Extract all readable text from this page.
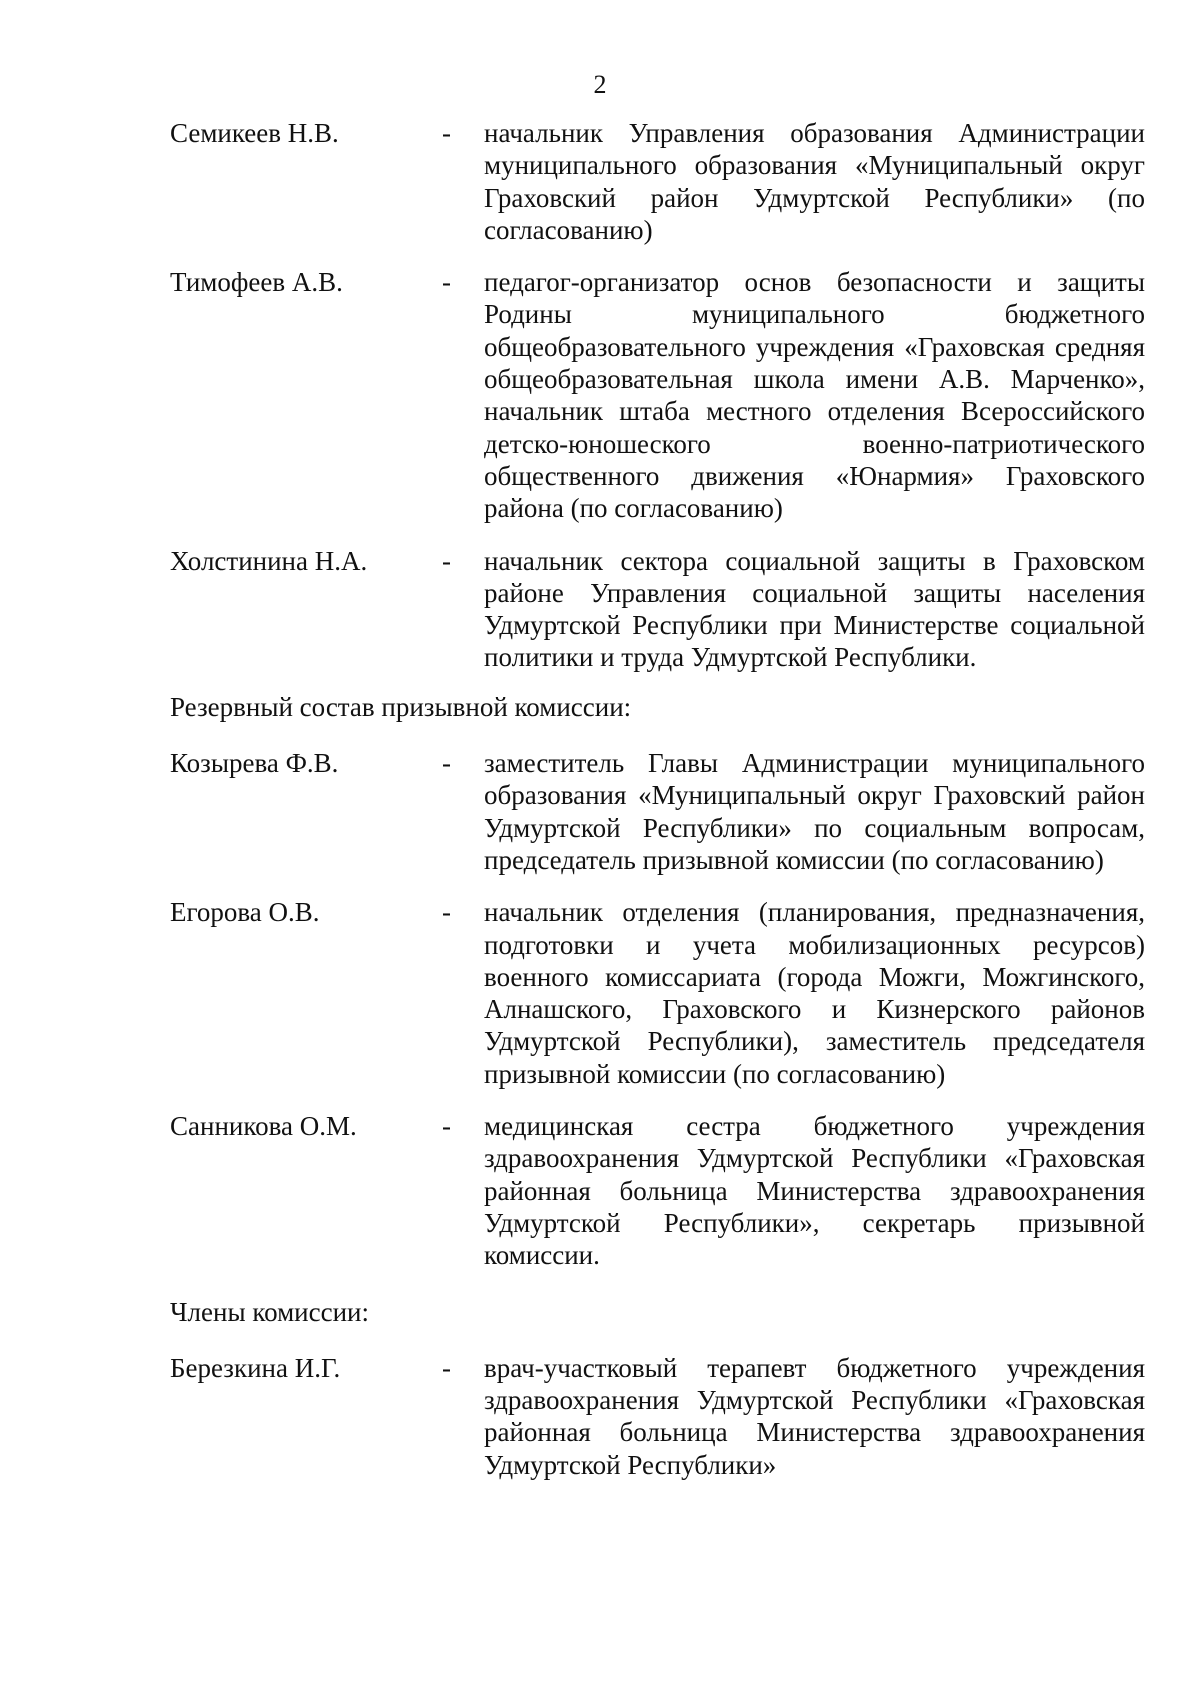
2
Семикеев Н.В.	-	начальник Управления образования Администрации муниципального образования «Муниципальный округ Граховский район Удмуртской Республики» (по согласованию)
Тимофеев А.В.	-	педагог-организатор основ безопасности и защиты Родины муниципального бюджетного общеобразовательного учреждения «Граховская средняя общеобразовательная школа имени А.В. Марченко», начальник штаба местного отделения Всероссийского детско-юношеского военно-патриотического общественного движения «Юнармия» Граховского района (по согласованию)
Холстинина Н.А.	-	начальник сектора социальной защиты в Граховском районе Управления социальной защиты населения Удмуртской Республики при Министерстве социальной политики и труда Удмуртской Республики.
Резервный состав призывной комиссии:
Козырева Ф.В.	-	заместитель Главы Администрации муниципального образования «Муниципальный округ Граховский район Удмуртской Республики» по социальным вопросам, председатель призывной комиссии (по согласованию)
Егорова О.В.	-	начальник отделения (планирования, предназначения, подготовки и учета мобилизационных ресурсов) военного комиссариата (города Можги, Можгинского, Алнашского, Граховского и Кизнерского районов Удмуртской Республики), заместитель председателя призывной комиссии (по согласованию)
Санникова О.М.	-	медицинская сестра бюджетного учреждения здравоохранения Удмуртской Республики «Граховская районная больница Министерства здравоохранения Удмуртской Республики», секретарь призывной комиссии.
Члены комиссии:
Березкина И.Г.	-	врач-участковый терапевт бюджетного учреждения здравоохранения Удмуртской Республики «Граховская районная больница Министерства здравоохранения Удмуртской Республики»
